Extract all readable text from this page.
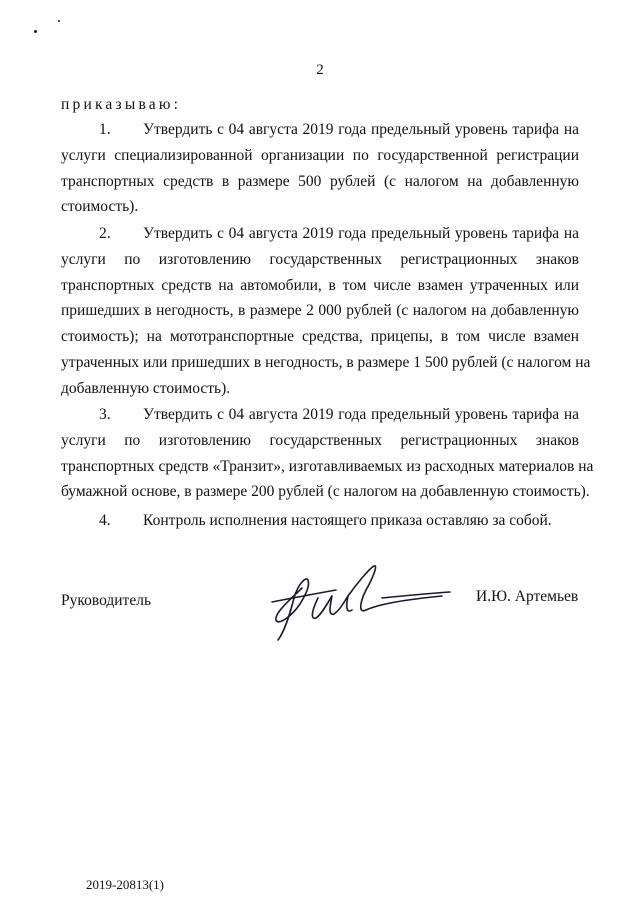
2
приказываю:
1. Утвердить с 04 августа 2019 года предельный уровень тарифа на
услуги специализированной организации по государственной регистрации
транспортных средств в размере 500 рублей (с налогом на добавленную
стоимость).
2. Утвердить с 04 августа 2019 года предельный уровень тарифа на
услуги по изготовлению государственных регистрационных знаков
транспортных средств на автомобили, в том числе взамен утраченных или
пришедших в негодность, в размере 2 000 рублей (с налогом на добавленную
стоимость); на мототранспортные средства, прицепы, в том числе взамен
утраченных или пришедших в негодность, в размере 1 500 рублей (с налогом на
добавленную стоимость).
3. Утвердить с 04 августа 2019 года предельный уровень тарифа на
услуги по изготовлению государственных регистрационных знаков
транспортных средств «Транзит», изготавливаемых из расходных материалов на
бумажной основе, в размере 200 рублей (с налогом на добавленную стоимость).
4. Контроль исполнения настоящего приказа оставляю за собой.
Руководитель	И.Ю. Артемьев
2019-20813(1)
